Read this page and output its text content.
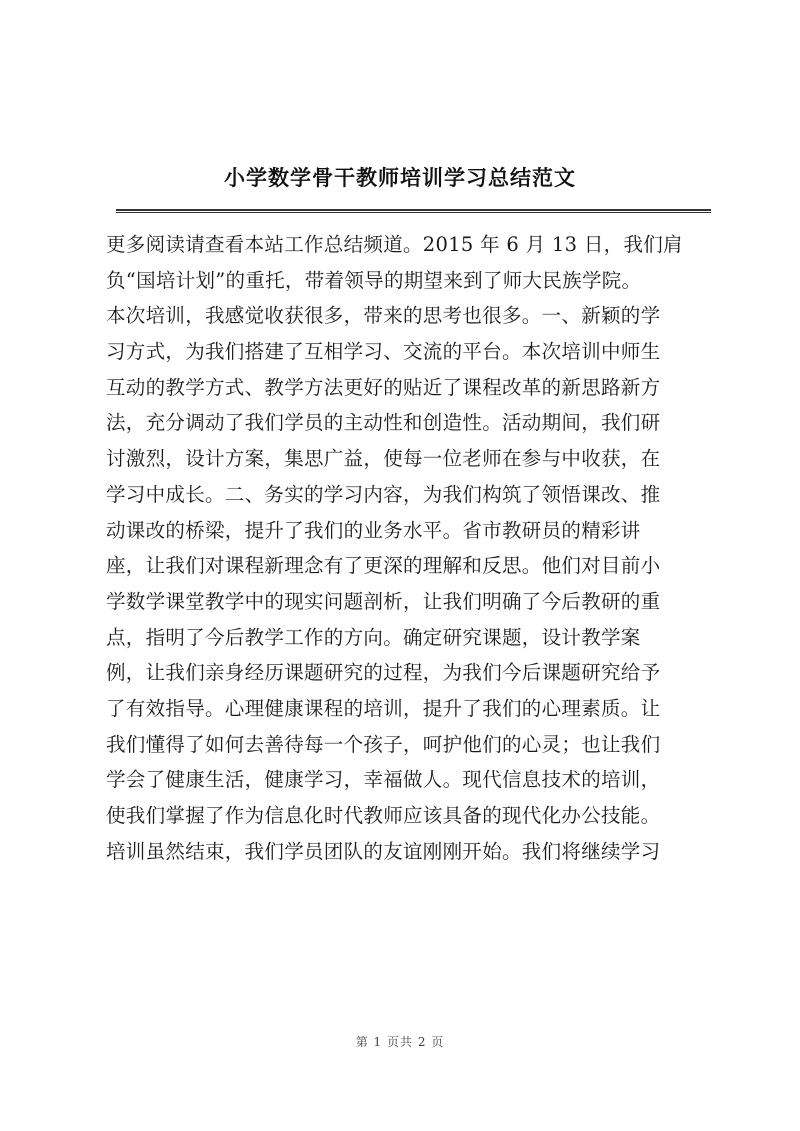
小学数学骨干教师培训学习总结范文
更多阅读请查看本站工作总结频道。2015 年 6 月 13 日，我们肩
负“国培计划”的重托，带着领导的期望来到了师大民族学院。
本次培训，我感觉收获很多，带来的思考也很多。一、新颖的学
习方式，为我们搭建了互相学习、交流的平台。本次培训中师生
互动的教学方式、教学方法更好的贴近了课程改革的新思路新方
法，充分调动了我们学员的主动性和创造性。活动期间，我们研
讨激烈，设计方案，集思广益，使每一位老师在参与中收获，在
学习中成长。二、务实的学习内容，为我们构筑了领悟课改、推
动课改的桥梁，提升了我们的业务水平。省市教研员的精彩讲
座，让我们对课程新理念有了更深的理解和反思。他们对目前小
学数学课堂教学中的现实问题剖析，让我们明确了今后教研的重
点，指明了今后教学工作的方向。确定研究课题，设计教学案
例，让我们亲身经历课题研究的过程，为我们今后课题研究给予
了有效指导。心理健康课程的培训，提升了我们的心理素质。让
我们懂得了如何去善待每一个孩子，呵护他们的心灵；也让我们
学会了健康生活，健康学习，幸福做人。现代信息技术的培训，
使我们掌握了作为信息化时代教师应该具备的现代化办公技能。
培训虽然结束，我们学员团队的友谊刚刚开始。我们将继续学习
第 1 页共 2 页
